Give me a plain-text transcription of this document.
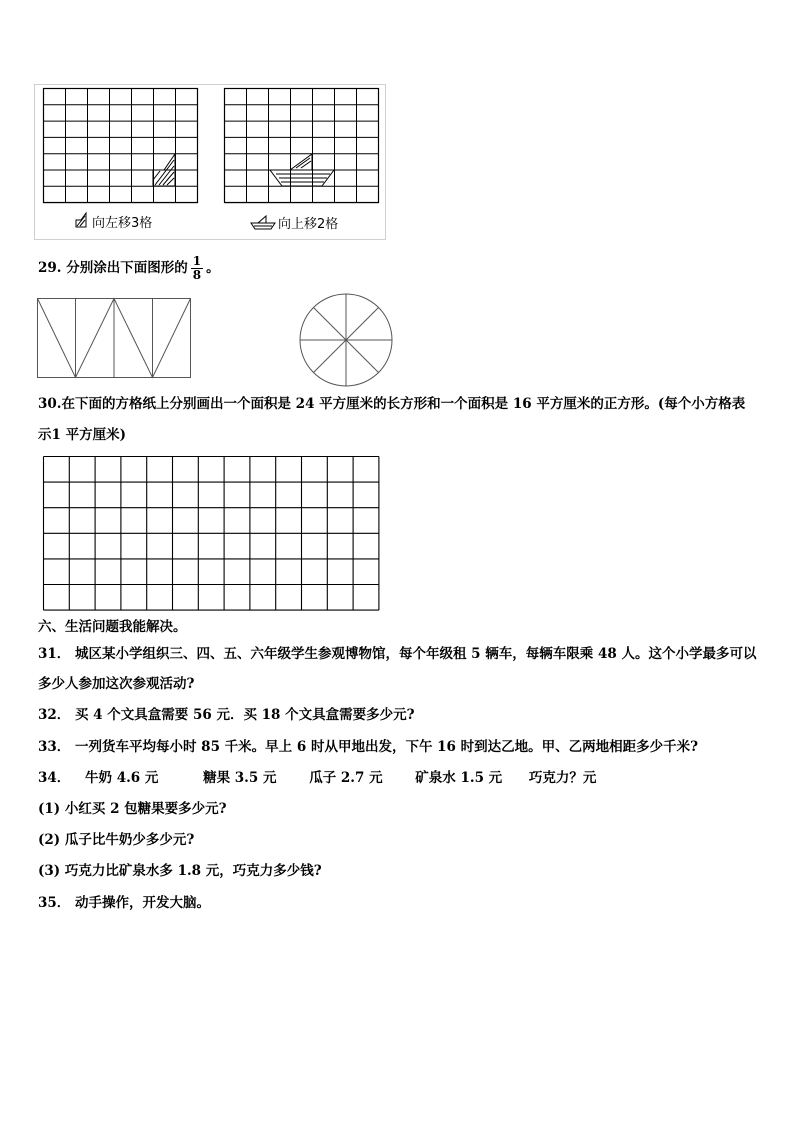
向左移3格	向上移2格
29. 分别涂出下面图形的 $\frac{1}{8}$ 。
30.在下面的方格纸上分别画出一个面积是 24 平方厘米的长方形和一个面积是 16 平方厘米的正方形。(每个小方格表
示1 平方厘米)
六、生活问题我能解决。
31． 城区某小学组织三、四、五、六年级学生参观博物馆，每个年级租 5 辆车，每辆车限乘 48 人。这个小学最多可以
多少人参加这次参观活动?
32． 买 4 个文具盒需要 56 元．买 18 个文具盒需要多少元?
33． 一列货车平均每小时 85 千米。早上 6 时从甲地出发，下午 16 时到达乙地。甲、乙两地相距多少千米?
34． 牛奶 4.6 元	糖果 3.5 元 瓜子 2.7 元 矿泉水 1.5 元 巧克力？元
(1) 小红买 2 包糖果要多少元?
(2) 瓜子比牛奶少多少元?
(3) 巧克力比矿泉水多 1.8 元，巧克力多少钱?
35． 动手操作，开发大脑。
